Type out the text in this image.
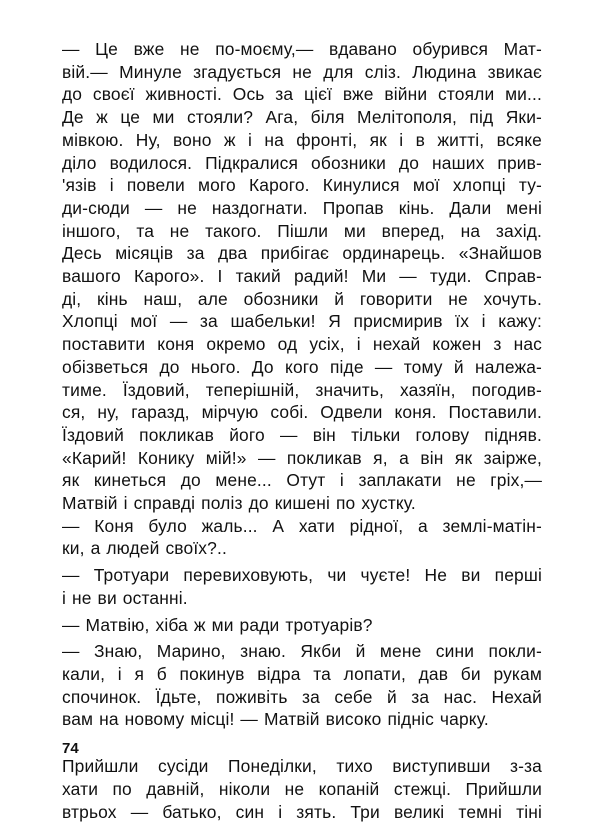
— Це вже не по-моєму,— вдавано обурився Мат-
вій.— Минуле згадується не для сліз. Людина звикає
до своєї живності. Ось за цієї вже війни стояли ми...
Де ж це ми стояли? Ага, біля Мелітополя, під Яки-
мівкою. Ну, воно ж і на фронті, як і в житті, всяке
діло водилося. Підкралися обозники до наших прив-
'язів і повели мого Карого. Кинулися мої хлопці ту-
ди-сюди — не наздогнати. Пропав кінь. Дали мені
іншого, та не такого. Пішли ми вперед, на захід.
Десь місяців за два прибігає ординарець. «Знайшов
вашого Карого». І такий радий! Ми — туди. Справ-
ді, кінь наш, але обозники й говорити не хочуть.
Хлопці мої — за шабельки! Я присмирив їх і кажу:
поставити коня окремо од усіх, і нехай кожен з нас
обізветься до нього. До кого піде — тому й належа-
тиме. Їздовий, теперішній, значить, хазяїн, погодив-
ся, ну, гаразд, мірчую собі. Одвели коня. Поставили.
Їздовий покликав його — він тільки голову підняв.
«Карий! Конику мій!» — покликав я, а він як заірже,
як кинеться до мене... Отут і заплакати не гріх,—
Матвій і справді поліз до кишені по хустку.

— Коня було жаль... А хати рідної, а землі-матін-
ки, а людей своїх?..

— Тротуари перевиховують, чи чуєте! Не ви перші
і не ви останні.

— Матвію, хіба ж ми ради тротуарів?

— Знаю, Марино, знаю. Якби й мене сини покли-
кали, і я б покинув відра та лопати, дав би рукам
спочинок. Їдьте, поживіть за себе й за нас. Нехай
вам на новому місці! — Матвій високо підніс чарку.

Прийшли сусіди Понеділки, тихо виступивши з-за
хати по давній, ніколи не копаній стежці. Прийшли
втрьох — батько, син і зять. Три великі темні тіні

74
